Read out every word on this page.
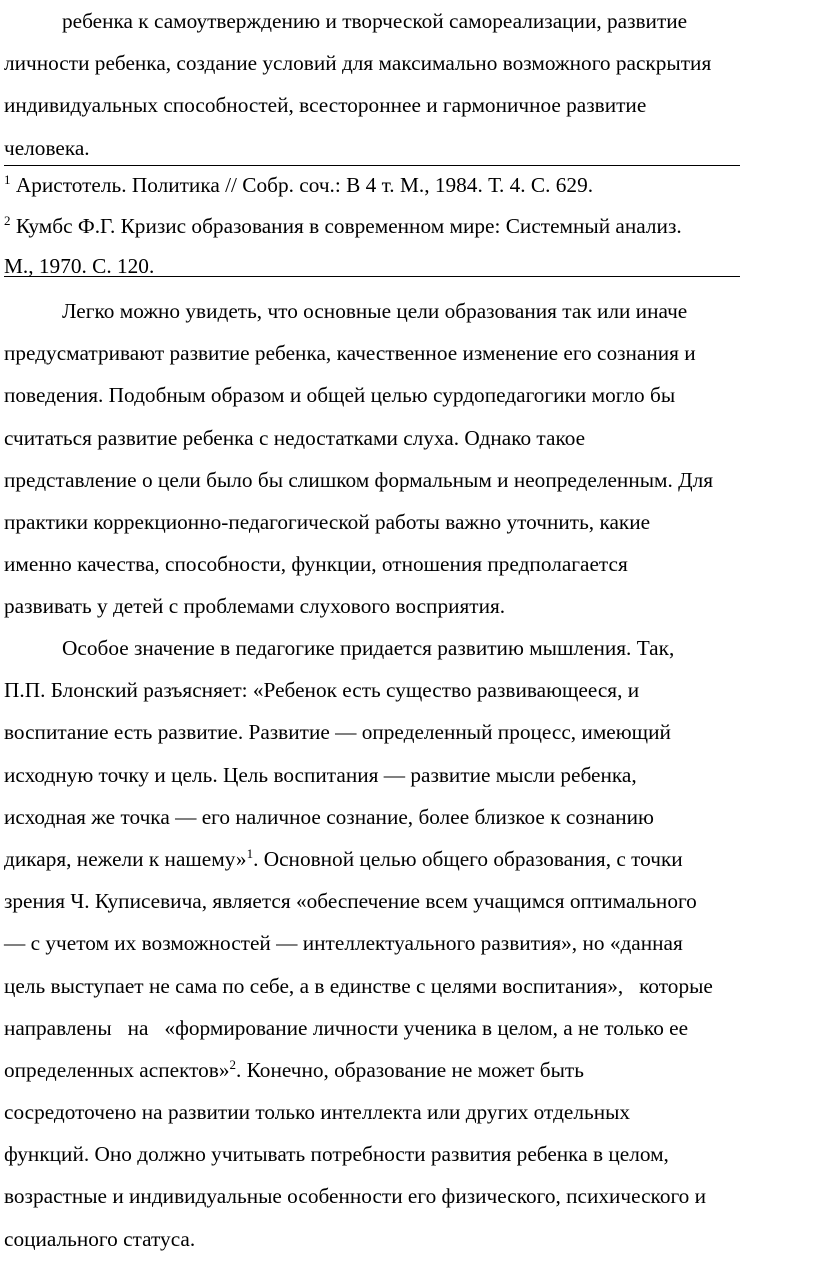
ребенка к самоутверждению и творческой самореализации, развитие
личности ребенка, создание условий для максимально возможного раскрытия
индивидуальных способностей, всестороннее и гармоничное развитие
человека.
$^1$ Аристотель. Политика // Собр. соч.: В 4 т. М., 1984. Т. 4. С. 629.
$^2$ Кумбс Ф.Г. Кризис образования в современном мире: Системный анализ.
М., 1970. С. 120.
Легко можно увидеть, что основные цели образования так или иначе
предусматривают развитие ребенка, качественное изменение его сознания и
поведения. Подобным образом и общей целью сурдопедагогики могло бы
считаться развитие ребенка с недостатками слуха. Однако такое
представление о цели было бы слишком формальным и неопределенным. Для
практики коррекционно-педагогической работы важно уточнить, какие
именно качества, способности, функции, отношения предполагается
развивать у детей с проблемами слухового восприятия.
Особое значение в педагогике придается развитию мышления. Так,
П.П. Блонский разъясняет: «Ребенок есть существо развивающееся, и
воспитание есть развитие. Развитие — определенный процесс, имеющий
исходную точку и цель. Цель воспитания — развитие мысли ребенка,
исходная же точка — его наличное сознание, более близкое к сознанию
дикаря, нежели к нашему»$^1$. Основной целью общего образования, с точки
зрения Ч. Куписевича, является «обеспечение всем учащимся оптимального
— с учетом их возможностей — интеллектуального развития», но «данная
цель выступает не сама по себе, а в единстве с целями воспитания»,   которые
направлены   на   «формирование личности ученика в целом, а не только ее
определенных аспектов»$^2$. Конечно, образование не может быть
сосредоточено на развитии только интеллекта или других отдельных
функций. Оно должно учитывать потребности развития ребенка в целом,
возрастные и индивидуальные особенности его физического, психического и
социального статуса.
